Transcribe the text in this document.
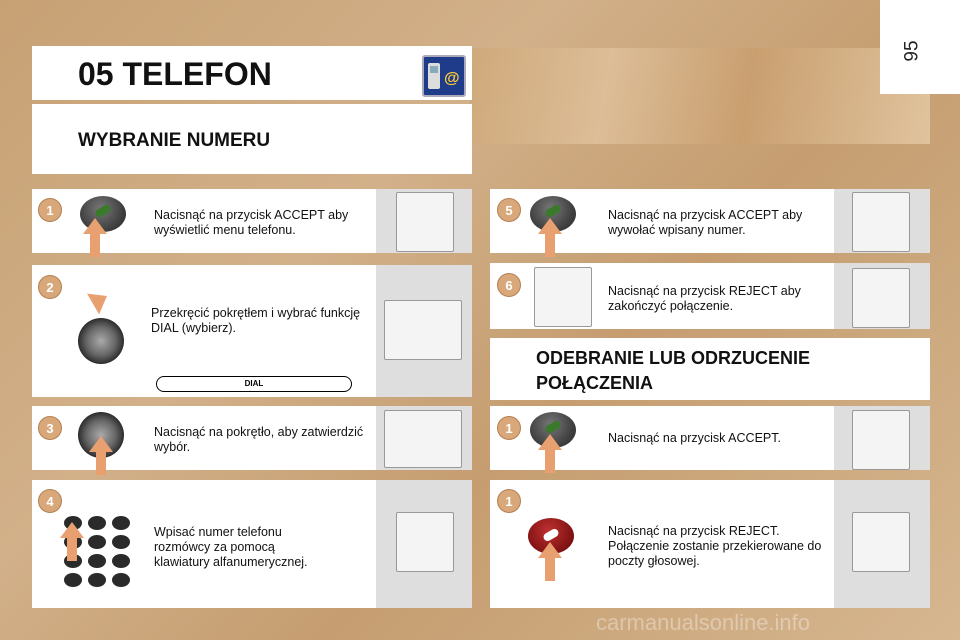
95
05 TELEFON	@
WYBRANIE NUMERU
1	Nacisnąć na przycisk ACCEPT aby wyświetlić menu telefonu.
2
Przekręcić pokrętłem i wybrać funkcję DIAL (wybierz).
DIAL
3	Nacisnąć na pokrętło, aby zatwierdzić wybór.
4
Wpisać numer telefonu rozmówcy za pomocą klawiatury alfanumerycznej.
5	Nacisnąć na przycisk ACCEPT aby wywołać wpisany numer.
6	Nacisnąć na przycisk REJECT aby zakończyć połączenie.
ODEBRANIE LUB ODRZUCENIE POŁĄCZENIA
1
Nacisnąć na przycisk ACCEPT.
1
Nacisnąć na przycisk REJECT. Połączenie zostanie przekierowane do poczty głosowej.
carmanualsonline.info
